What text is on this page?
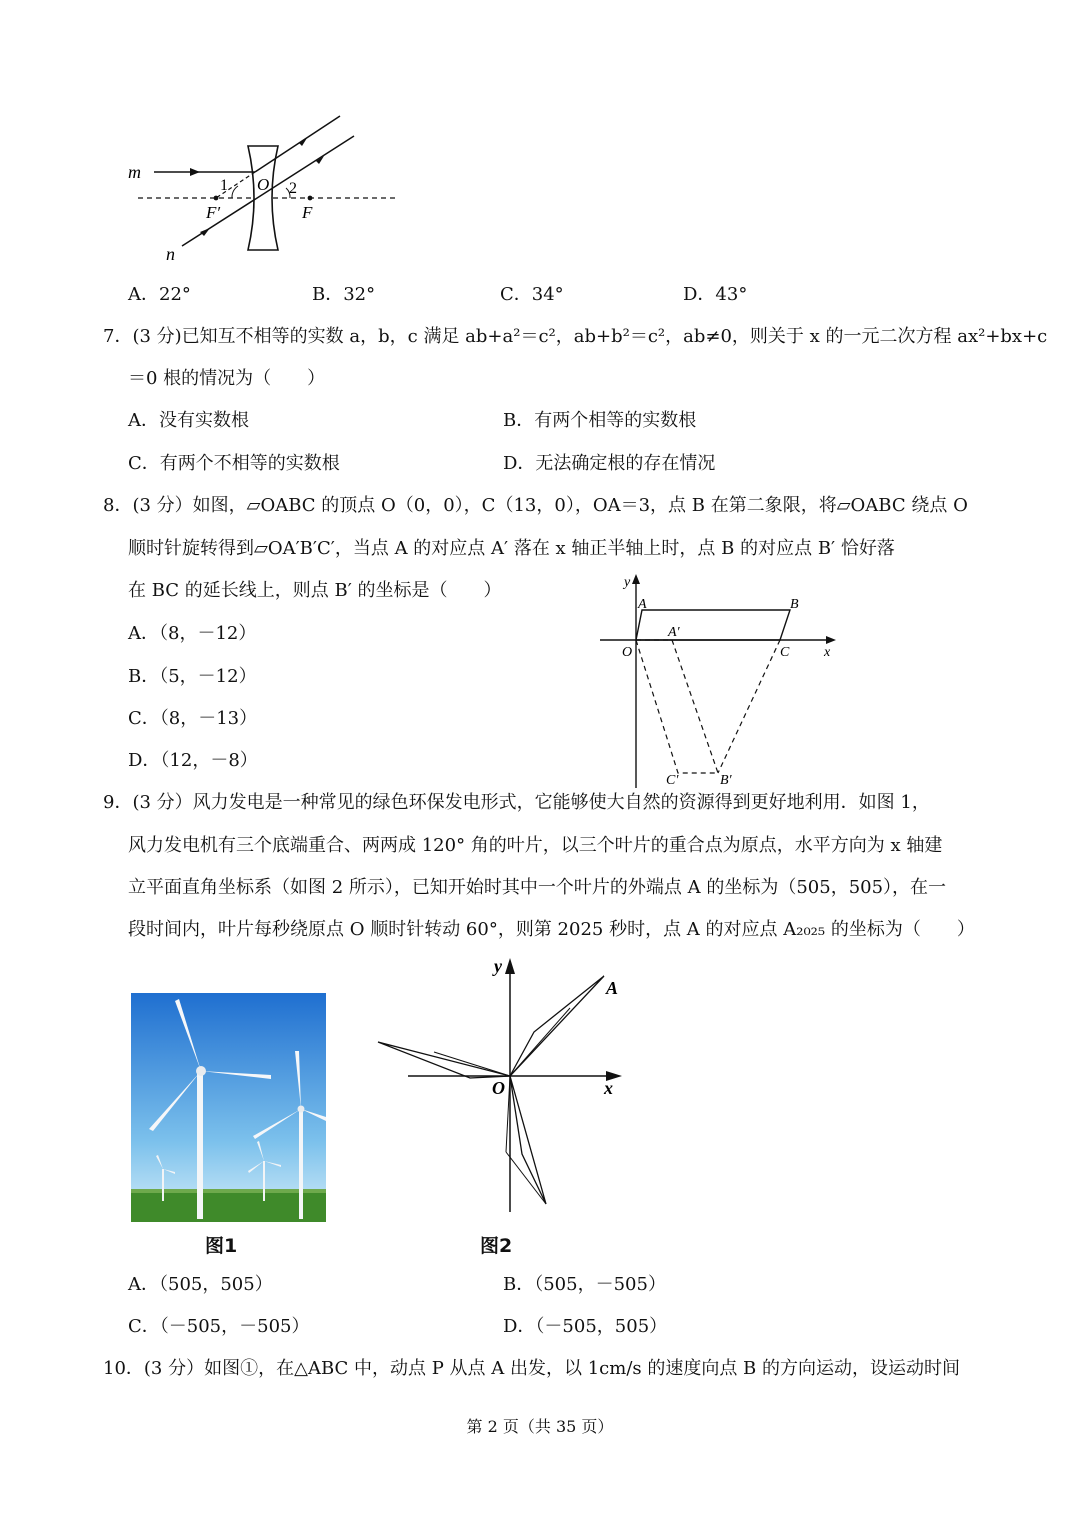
m
n
1 O 2
F′	F
A．22°	B．32°	C．34°	D．43°
7．(3 分)已知互不相等的实数 a，b，c 满足 ab+a²＝c²，ab+b²＝c²，ab≠0，则关于 x 的一元二次方程 ax²+bx+c
＝0 根的情况为（　　）
A．没有实数根	B．有两个相等的实数根
C．有两个不相等的实数根	D．无法确定根的存在情况
8．(3 分）如图，▱OABC 的顶点 O（0，0），C（13，0），OA＝3，点 B 在第二象限，将▱OABC 绕点 O
顺时针旋转得到▱OA′B′C′，当点 A 的对应点 A′ 落在 x 轴正半轴上时，点 B 的对应点 B′ 恰好落
在 BC 的延长线上，则点 B′ 的坐标是（　　）
A．（8，－12）
B．（5，－12）
C．（8，－13）
D．（12，－8）
y
x
A	B
O
A′
C
C′	B′
9．(3 分）风力发电是一种常见的绿色环保发电形式，它能够使大自然的资源得到更好地利用．如图 1，
风力发电机有三个底端重合、两两成 120° 角的叶片，以三个叶片的重合点为原点，水平方向为 x 轴建
立平面直角坐标系（如图 2 所示），已知开始时其中一个叶片的外端点 A 的坐标为（505，505），在一
段时间内，叶片每秒绕原点 O 顺时针转动 60°，则第 2025 秒时，点 A 的对应点 A₂₀₂₅ 的坐标为（　　）
图1
y
x
O
A
图2
A．（505，505）	B．（505，－505）
C．（－505，－505）	D．（－505，505）
10．(3 分）如图①，在△ABC 中，动点 P 从点 A 出发，以 1cm/s 的速度向点 B 的方向运动，设运动时间
第 2 页（共 35 页）
